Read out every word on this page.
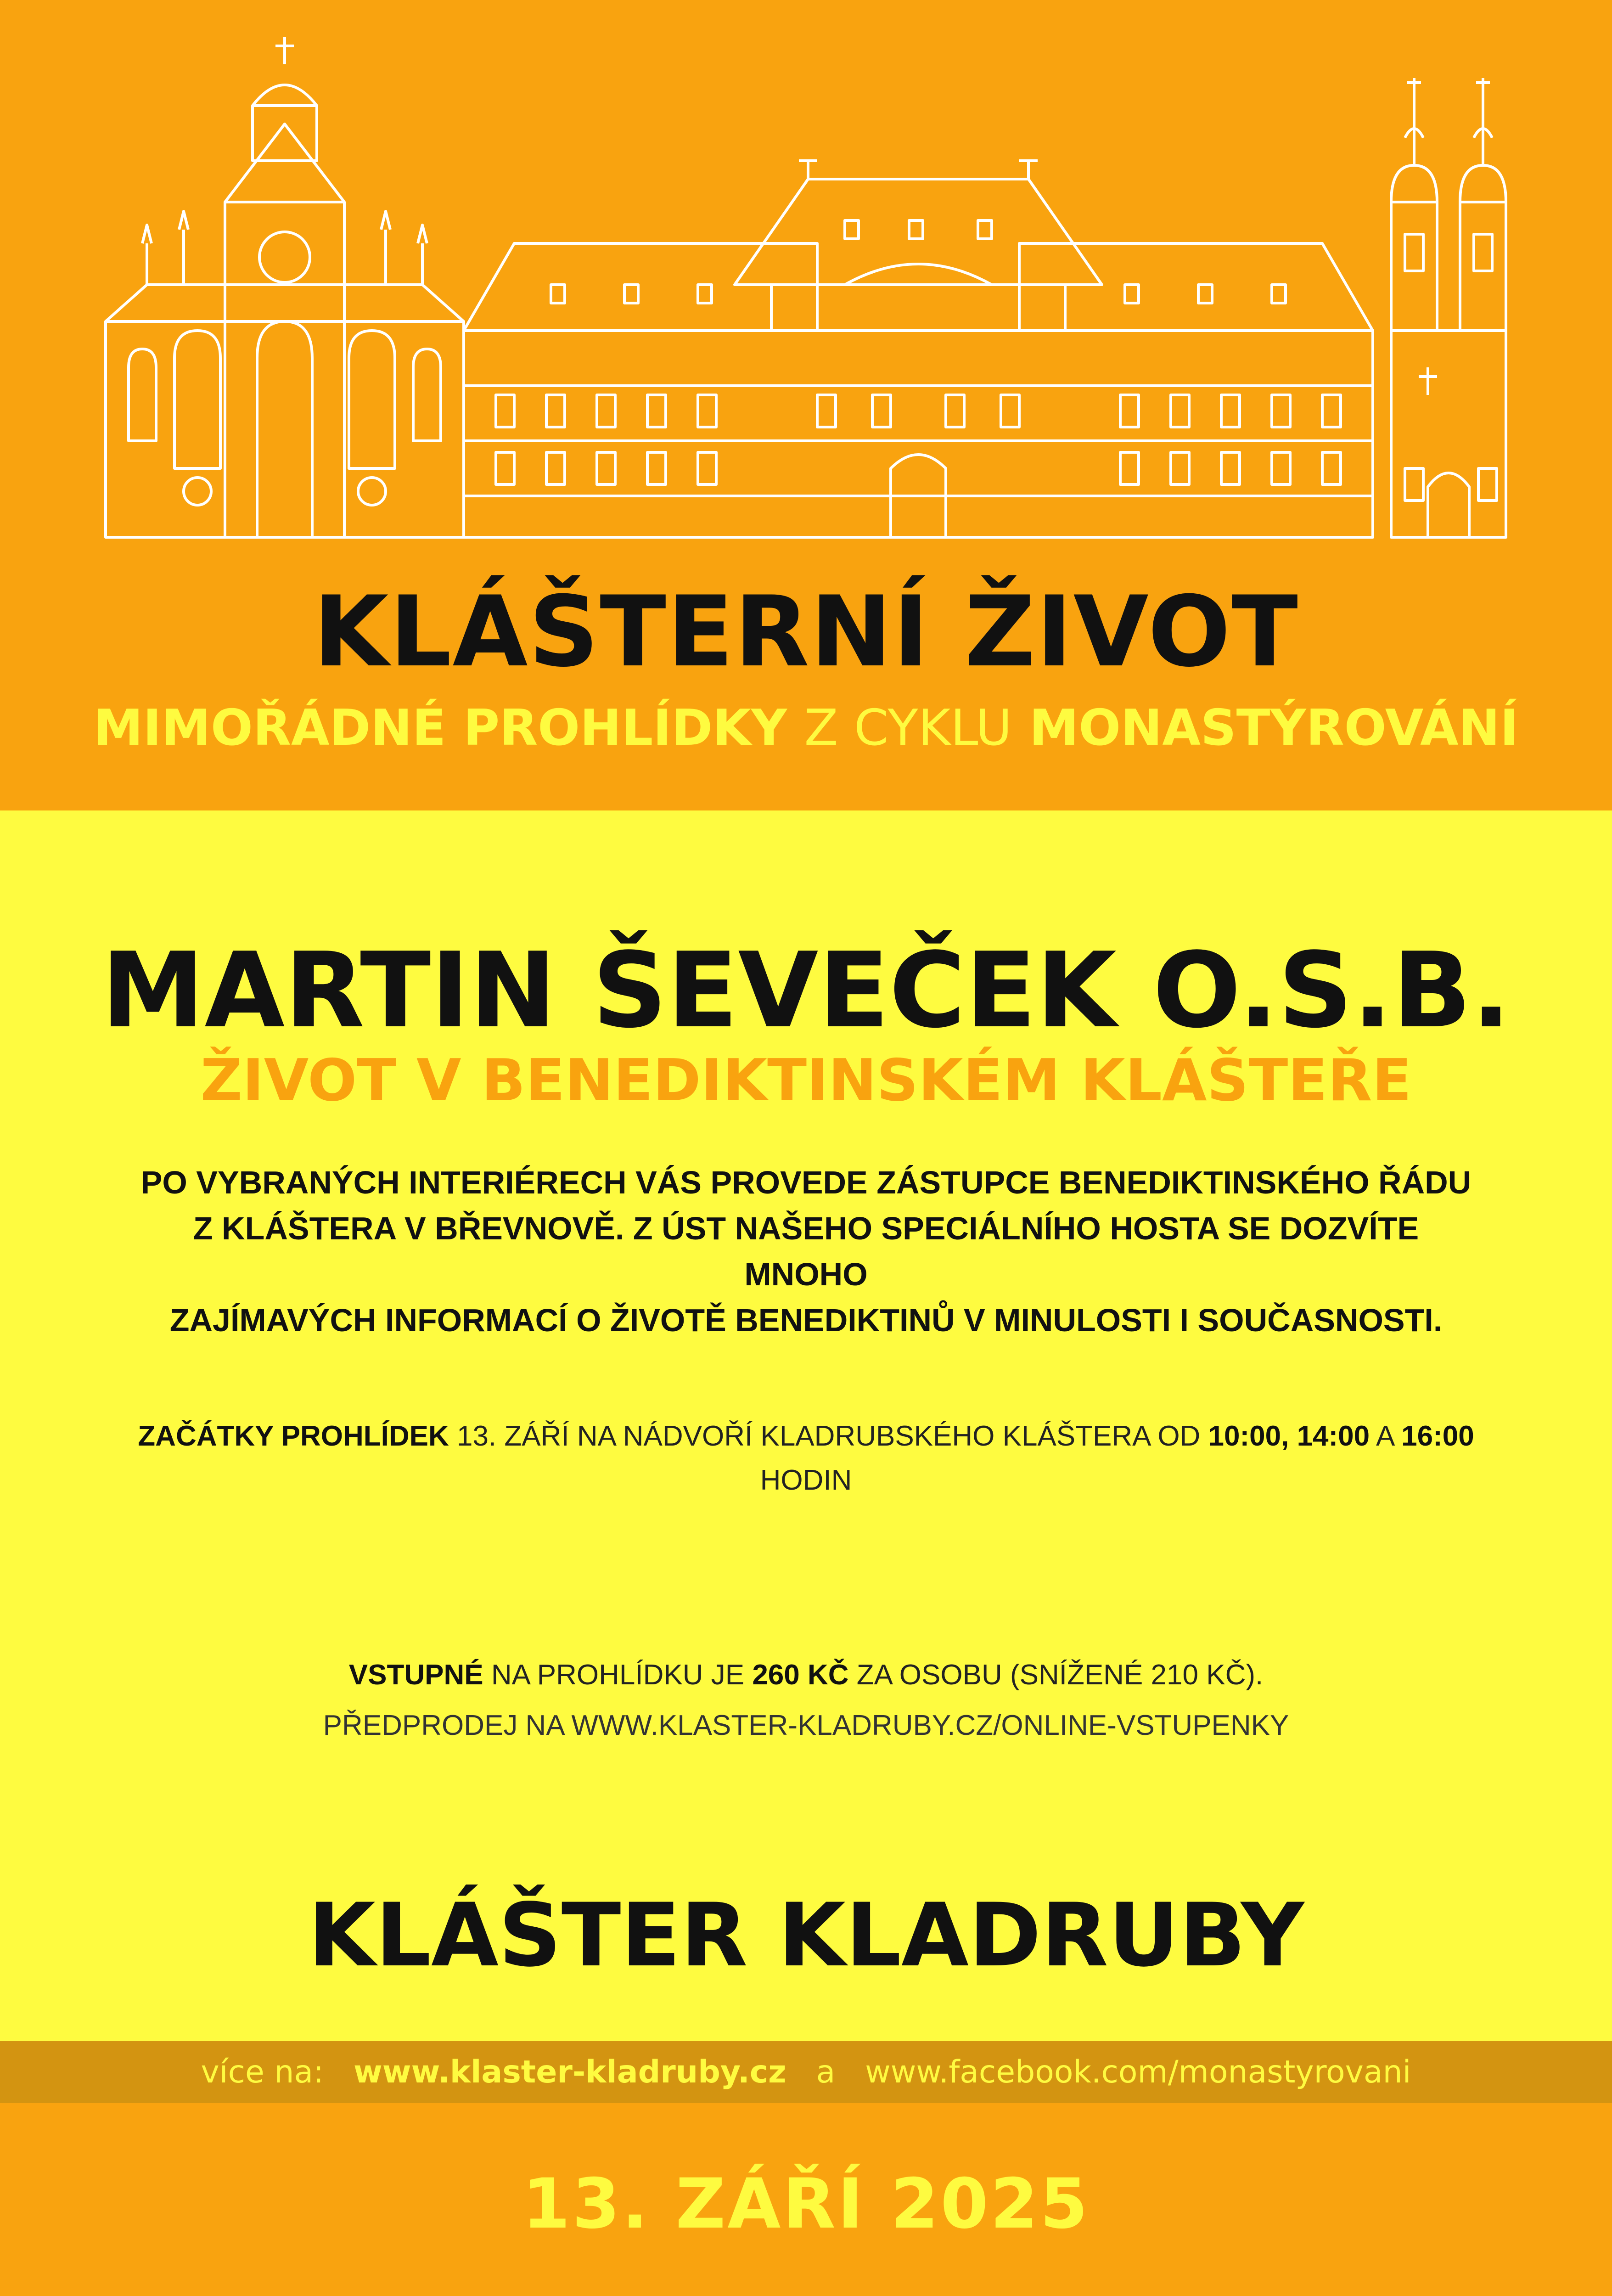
KLÁŠTERNÍ ŽIVOT
MIMOŘÁDNÉ PROHLÍDKY Z CYKLU MONASTÝROVÁNÍ
MARTIN ŠEVEČEK O.S.B.
ŽIVOT V BENEDIKTINSKÉM KLÁŠTEŘE
PO VYBRANÝCH INTERIÉRECH VÁS PROVEDE ZÁSTUPCE BENEDIKTINSKÉHO ŘÁDU
Z KLÁŠTERA V BŘEVNOVĚ. Z ÚST NAŠEHO SPECIÁLNÍHO HOSTA SE DOZVÍTE MNOHO
ZAJÍMAVÝCH INFORMACÍ O ŽIVOTĚ BENEDIKTINŮ V MINULOSTI I SOUČASNOSTI.
ZAČÁTKY PROHLÍDEK 13. ZÁŘÍ NA NÁDVOŘÍ KLADRUBSKÉHO KLÁŠTERA OD 10:00, 14:00 A 16:00
HODIN
VSTUPNÉ NA PROHLÍDKU JE 260 KČ ZA OSOBU (SNÍŽENÉ 210 KČ).
PŘEDPRODEJ NA WWW.KLASTER-KLADRUBY.CZ/ONLINE-VSTUPENKY
KLÁŠTER KLADRUBY
více na: www.klaster-kladruby.cz a www.facebook.com/monastyrovani
13. ZÁŘÍ 2025
